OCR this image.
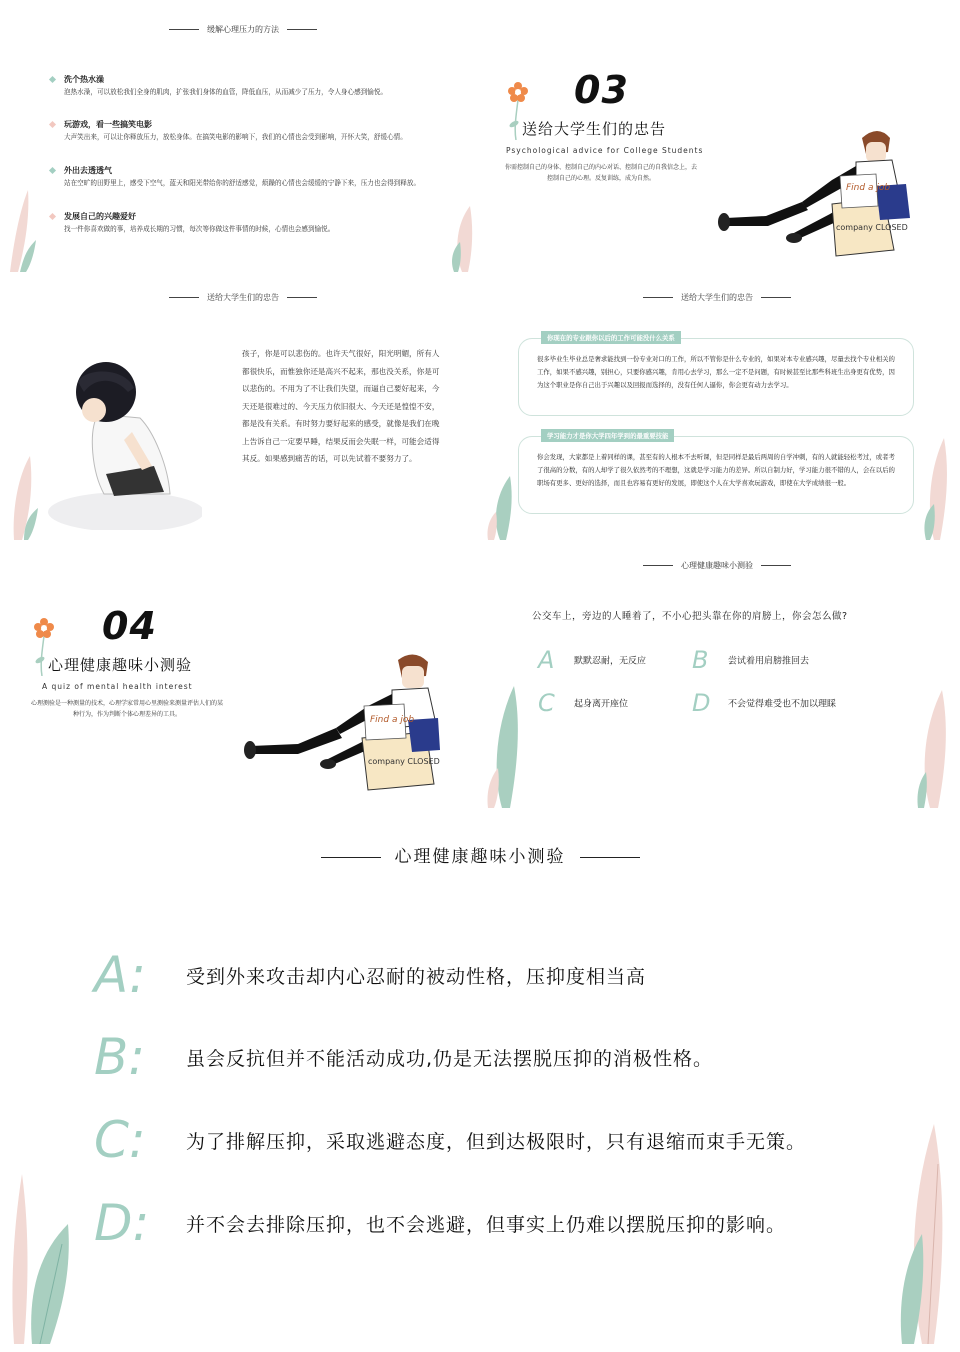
缓解心理压力的方法
洗个热水澡

泡热水澡，可以放松我们全身的肌肉，扩张我们身体的血管，降低血压，从而减少了压力，令人身心感到愉悦。

玩游戏，看一些搞笑电影

大声笑出来，可以让你释放压力，放松身体。在搞笑电影的影响下，我们的心情也会受到影响，开怀大笑，舒缓心情。

外出去透透气

站在空旷的田野里上，感受下空气，蓝天和阳光带给你的舒适感觉，烦躁的心情也会缓缓的宁静下来，压力也会得到释放。

发展自己的兴趣爱好

找一件你喜欢做的事，培养成长期的习惯，每次等你做这件事情的时候，心情也会感到愉悦。

03
送给大学生们的忠告
Psychological advice for College Students
你需控制自己的身体、控制自己的内心对话、控制自己的自我信念上，去控制自己的心理。反复训练，成为自然。
Find a job
company CLOSED
送给大学生们的忠告
孩子，你是可以悲伤的。也许天气很好，阳光明媚，所有人都很快乐，而惟独你还是高兴不起来，那也没关系，你是可以悲伤的。不用为了不让我们失望，而逼自己要好起来，今天还是很难过的、今天压力依旧很大、今天还是惶惶不安，都是没有关系。有时努力要好起来的感受，就像是我们在晚上告诉自己一定要早睡，结果反而会失眠一样，可能会适得其反。如果感到痛苦的话，可以先试着不要努力了。
送给大学生们的忠告
你现在的专业跟你以后的工作可能没什么关系

很多毕业生毕业总是奢求能找到一份专业对口的工作，所以不管你是什么专业的，如果对本专业感兴趣，尽量去找个专业相关的工作，如果不感兴趣，别担心，只要你感兴趣，肯用心去学习，那么一定不是问题，有时候甚至比那些科班生出身更有优势，因为这个职业是你自己出于兴趣以及回报而选择的，没有任何人逼你，你会更有动力去学习。

学习能力才是你大学四年学到的最重要技能

你会发现，大家都是上着同样的课，甚至有的人根本不去听课，但是同样是最后两周的自学冲刺，有的人就能轻松考过，或者考了很高的分数，有的人却学了很久依然考的不理想，这就是学习能力的差异。所以自制力好，学习能力很不错的人，会在以后的职场有更多、更好的选择，而且也容易有更好的发展，即使这个人在大学喜欢玩游戏，即使在大学成绩很一般。

04
心理健康趣味小测验
A quiz of mental health interest
心理测验是一种测量的技术，心理学家常用心里测验来测量评估人们的某种行为，作为判断个体心理差异的工具。
Find a job
company CLOSED
心理健康趣味小测验
公交车上，旁边的人睡着了，不小心把头靠在你的肩膀上，你会怎么做?
A 默默忍耐，无反应 B 尝试着用肩膀推回去
C 起身离开座位	D 不会觉得难受也不加以理睬
心理健康趣味小测验
A: 受到外来攻击却内心忍耐的被动性格，压抑度相当高
B: 虽会反抗但并不能活动成功,仍是无法摆脱压抑的消极性格。
C: 为了排解压抑，采取逃避态度，但到达极限时，只有退缩而束手无策。
D: 并不会去排除压抑，也不会逃避，但事实上仍难以摆脱压抑的影响。
